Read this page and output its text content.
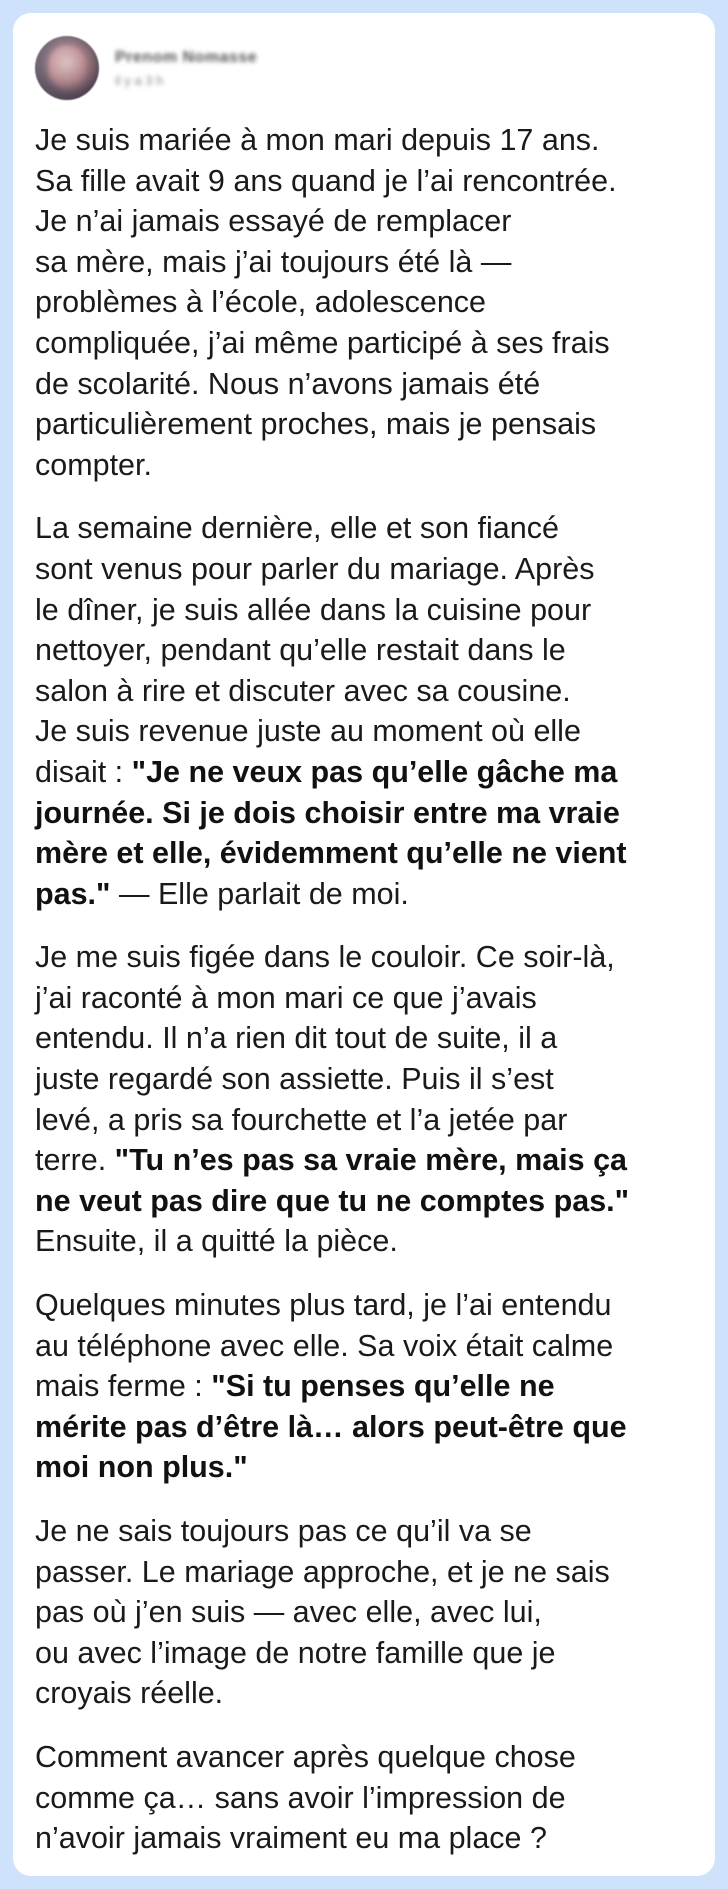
Prenom Nomasse
il y a 3 h
Je suis mariée à mon mari depuis 17 ans.
Sa fille avait 9 ans quand je l’ai rencontrée.
Je n’ai jamais essayé de remplacer
sa mère, mais j’ai toujours été là —
problèmes à l’école, adolescence
compliquée, j’ai même participé à ses frais
de scolarité. Nous n’avons jamais été
particulièrement proches, mais je pensais
compter.
La semaine dernière, elle et son fiancé
sont venus pour parler du mariage. Après
le dîner, je suis allée dans la cuisine pour
nettoyer, pendant qu’elle restait dans le
salon à rire et discuter avec sa cousine.
Je suis revenue juste au moment où elle
disait : "Je ne veux pas qu’elle gâche ma
journée. Si je dois choisir entre ma vraie
mère et elle, évidemment qu’elle ne vient
pas." — Elle parlait de moi.
Je me suis figée dans le couloir. Ce soir-là,
j’ai raconté à mon mari ce que j’avais
entendu. Il n’a rien dit tout de suite, il a
juste regardé son assiette. Puis il s’est
levé, a pris sa fourchette et l’a jetée par
terre. "Tu n’es pas sa vraie mère, mais ça
ne veut pas dire que tu ne comptes pas."
Ensuite, il a quitté la pièce.
Quelques minutes plus tard, je l’ai entendu
au téléphone avec elle. Sa voix était calme
mais ferme : "Si tu penses qu’elle ne
mérite pas d’être là… alors peut-être que
moi non plus."
Je ne sais toujours pas ce qu’il va se
passer. Le mariage approche, et je ne sais
pas où j’en suis — avec elle, avec lui,
ou avec l’image de notre famille que je
croyais réelle.
Comment avancer après quelque chose
comme ça… sans avoir l’impression de
n’avoir jamais vraiment eu ma place ?
